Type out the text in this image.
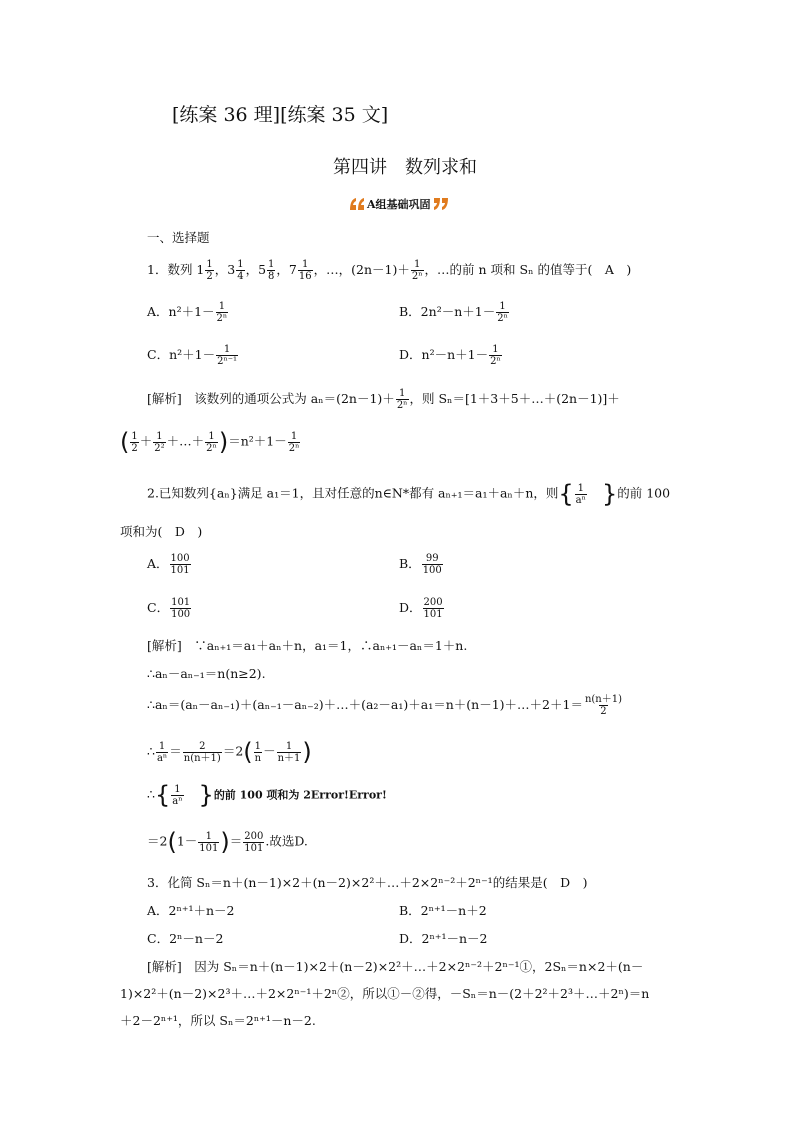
[练案 36 理][练案 35 文]
第四讲　数列求和
A组基础巩固
一、选择题
1．数列 $1 \frac{1}{2}$ ，$3 \frac{1}{4}$ ，$5 \frac{1}{8}$ ，$7 \frac{1}{16}$ ，…，$(2n-1)+ \frac{1}{\text{2ⁿ}}$ ，…的前 n 项和 Sₙ 的值等于(　A　)
A．$n^2+1- \frac{1}{\text{2ⁿ}}$	B．$2n^2-n+1- \frac{1}{\text{2ⁿ}}$
C．$n^2+1- \frac{1}{\text{2ⁿ⁻¹}}$	D．$n^2-n+1- \frac{1}{\text{2ⁿ}}$
[解析]　该数列的通项公式为 $a_n=(2n-1)+ \frac{1}{\text{2ⁿ}}$ ，则 Sₙ＝[1＋3＋5＋…＋(2n－1)]＋
( $\frac{1}{2} + \frac{1}{\text{2²}}$ ＋…＋ $\frac{1}{\text{2ⁿ}} )=n^2+1- \frac{1}{\text{2ⁿ}}$
2.已知数列{aₙ}满足 a₁＝1，且对任意的n∈N*都有 aₙ₊₁＝a₁＋aₙ＋n，则{ $\frac{1}{\text{aⁿ}}$ }的前 100
项和为(　D　)
A． $\frac{100}{101}$	B． $\frac{99}{100}$
C． $\frac{101}{100}$	D． $\frac{200}{101}$
[解析]　∵aₙ₊₁＝a₁＋aₙ＋n，a₁＝1，∴aₙ₊₁－aₙ＝1＋n.
∴aₙ－aₙ₋₁＝n(n≥2).
∴aₙ＝(aₙ－aₙ₋₁)＋(aₙ₋₁－aₙ₋₂)＋…＋(a₂－a₁)＋a₁＝n＋(n－1)＋…＋2＋1＝ $\frac{n(n+1)}{2}$
∴ $\frac{1}{\text{aⁿ}} = \frac{2}{n(n+1)} =2( \frac{1}{n} - \frac{1}{n+1}$ )
∴{ $\frac{1}{\text{aⁿ}}$ }的前 100 项和为 2Error!Error!
$=2(1- \frac{1}{101}$ )＝ $\frac{200}{101}$ .故选D.
3．化简 Sₙ＝n＋(n－1)×2＋(n－2)×2²＋…＋2×2ⁿ⁻²＋2ⁿ⁻¹的结果是(　D　)
A．2ⁿ⁺¹＋n－2	B．2ⁿ⁺¹－n＋2
C．2ⁿ－n－2	D．2ⁿ⁺¹－n－2
[解析]　因为 Sₙ＝n＋(n－1)×2＋(n－2)×2²＋…＋2×2ⁿ⁻²＋2ⁿ⁻¹①，2Sₙ＝n×2＋(n－
1)×2²＋(n－2)×2³＋…＋2×2ⁿ⁻¹＋2ⁿ②，所以①－②得，－Sₙ＝n－(2＋2²＋2³＋…＋2ⁿ)＝n
＋2－2ⁿ⁺¹，所以 Sₙ＝2ⁿ⁺¹－n－2.
